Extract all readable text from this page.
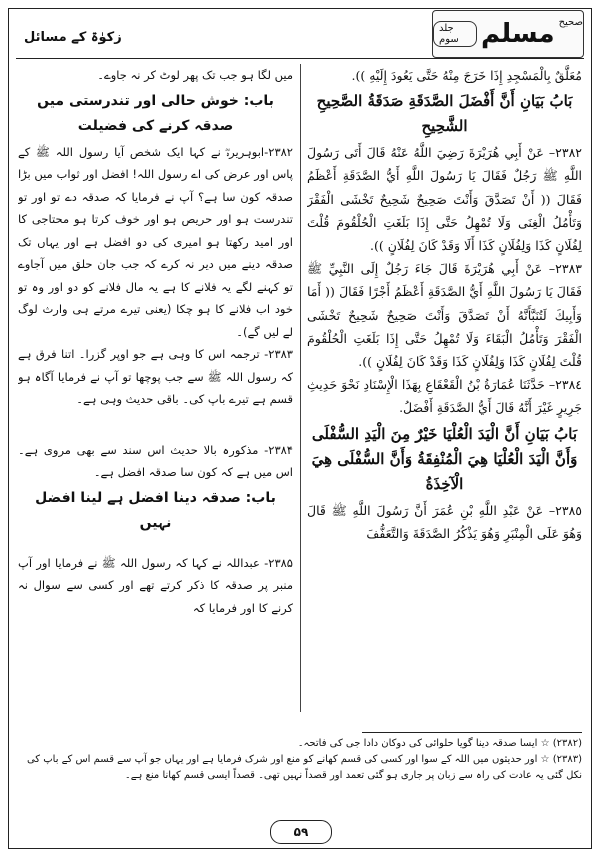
جلد سوم مسلم صحیح
زکوٰۃ کے مسائل

مُعَلَّقٌ بِالْمَسْجِدِ إِذَا خَرَجَ مِنْهُ حَتَّى يَعُودَ إِلَيْهِ )).

بَابُ بَيَانِ أَنَّ أَفْضَلَ الصَّدَقَةِ صَدَقَةُ الصَّحِيحِ الشَّحِيحِ

٢٣٨٢– عَنْ أَبِي هُرَيْرَةَ رَضِيَ اللَّهُ عَنْهُ قَالَ أَتَى رَسُولَ اللَّهِ ﷺ رَجُلٌ فَقَالَ يَا رَسُولَ اللَّهِ أَيُّ الصَّدَقَةِ أَعْظَمُ فَقَالَ (( أَنْ تَصَدَّقَ وَأَنْتَ صَحِيحٌ شَحِيحٌ تَخْشَى الْفَقْرَ وَتَأْمُلُ الْغِنَى وَلَا تُمْهِلُ حَتَّى إِذَا بَلَغَتِ الْحُلْقُومَ قُلْتَ لِفُلَانٍ كَذَا وَلِفُلَانٍ كَذَا أَلَا وَقَدْ كَانَ لِفُلَانٍ )).

٢٣٨٣– عَنْ أَبِي هُرَيْرَةَ قَالَ جَاءَ رَجُلٌ إِلَى النَّبِيِّ ﷺ فَقَالَ يَا رَسُولَ اللَّهِ أَيُّ الصَّدَقَةِ أَعْظَمُ أَجْرًا فَقَالَ (( أَمَا وَأَبِيكَ لَتُنَبَّأَنَّهُ أَنْ تَصَدَّقَ وَأَنْتَ صَحِيحٌ شَحِيحٌ تَخْشَى الْفَقْرَ وَتَأْمُلُ الْبَقَاءَ وَلَا تُمْهِلُ حَتَّى إِذَا بَلَغَتِ الْحُلْقُومَ قُلْتَ لِفُلَانٍ كَذَا وَلِفُلَانٍ كَذَا وَقَدْ كَانَ لِفُلَانٍ )).

٢٣٨٤– حَدَّثَنَا عُمَارَةُ بْنُ الْقَعْقَاعِ بِهَذَا الْإِسْنَادِ نَحْوَ حَدِيثِ جَرِيرٍ غَيْرَ أَنَّهُ قَالَ أَيُّ الصَّدَقَةِ أَفْضَلُ.

بَابُ بَيَانِ أَنَّ الْيَدَ الْعُلْيَا خَيْرٌ مِنَ الْيَدِ السُّفْلَى وَأَنَّ الْيَدَ الْعُلْيَا هِيَ الْمُنْفِقَةُ وَأَنَّ السُّفْلَى هِيَ الْآخِذَةُ

٢٣٨٥– عَنْ عَبْدِ اللَّهِ بْنِ عُمَرَ أَنَّ رَسُولَ اللَّهِ ﷺ قَالَ وَهُوَ عَلَى الْمِنْبَرِ وَهُوَ يَذْكُرُ الصَّدَقَةَ وَالتَّعَفُّفَ

میں لگا ہو جب تک پھر لوٹ کر نہ جاوے۔

باب: خوش حالی اور تندرستی میں صدقہ کرنے کی فضیلت

۲۳۸۲-ابوہریرہؓ نے کہا ایک شخص آیا رسول اللہ ﷺ کے پاس اور عرض کی اے رسول اللہ! افضل اور ثواب میں بڑا صدقہ کون سا ہے؟ آپ نے فرمایا کہ صدقہ دے تو اور تو تندرست ہو اور حریص ہو اور خوف کرتا ہو محتاجی کا اور امید رکھتا ہو امیری کی دو افضل ہے اور یہاں تک صدقہ دینے میں دیر نہ کرے کہ جب جان حلق میں آجاوے تو کہنے لگے یہ فلانے کا ہے یہ مال فلانے کو دو اور وہ تو خود اب فلانے کا ہو چکا (یعنی تیرے مرتے ہی وارث لوگ لے لیں گے)۔

۲۳۸۳- ترجمہ اس کا وہی ہے جو اوپر گزرا۔ اتنا فرق ہے کہ رسول اللہ ﷺ سے جب پوچھا تو آپ نے فرمایا آگاہ ہو قسم ہے تیرے باپ کی۔ باقی حدیث وہی ہے۔

۲۳۸۴- مذکورہ بالا حدیث اس سند سے بھی مروی ہے۔ اس میں ہے کہ کون سا صدقہ افضل ہے۔

باب: صدقہ دینا افضل ہے لینا افضل نہیں

۲۳۸۵- عبداللہ نے کہا کہ رسول اللہ ﷺ نے فرمایا اور آپ منبر پر صدقہ کا ذکر کرتے تھے اور کسی سے سوال نہ کرنے کا اور فرمایا کہ

(۲۳۸۲) ☆ ایسا صدقہ دینا گویا حلوائی کی دوکان دادا جی کی فاتحہ۔

(۲۳۸۳) ☆ اور حدیثوں میں اللہ کے سوا اور کسی کی قسم کھانے کو منع اور شرک فرمایا ہے اور یہاں جو آپ سے قسم اس کے باپ کی نکل گئی یہ عادت کی راہ سے زبان پر جاری ہو گئی تعمد اور قصداً نہیں تھی۔ قصداً ایسی قسم کھانا منع ہے۔

۵۹
